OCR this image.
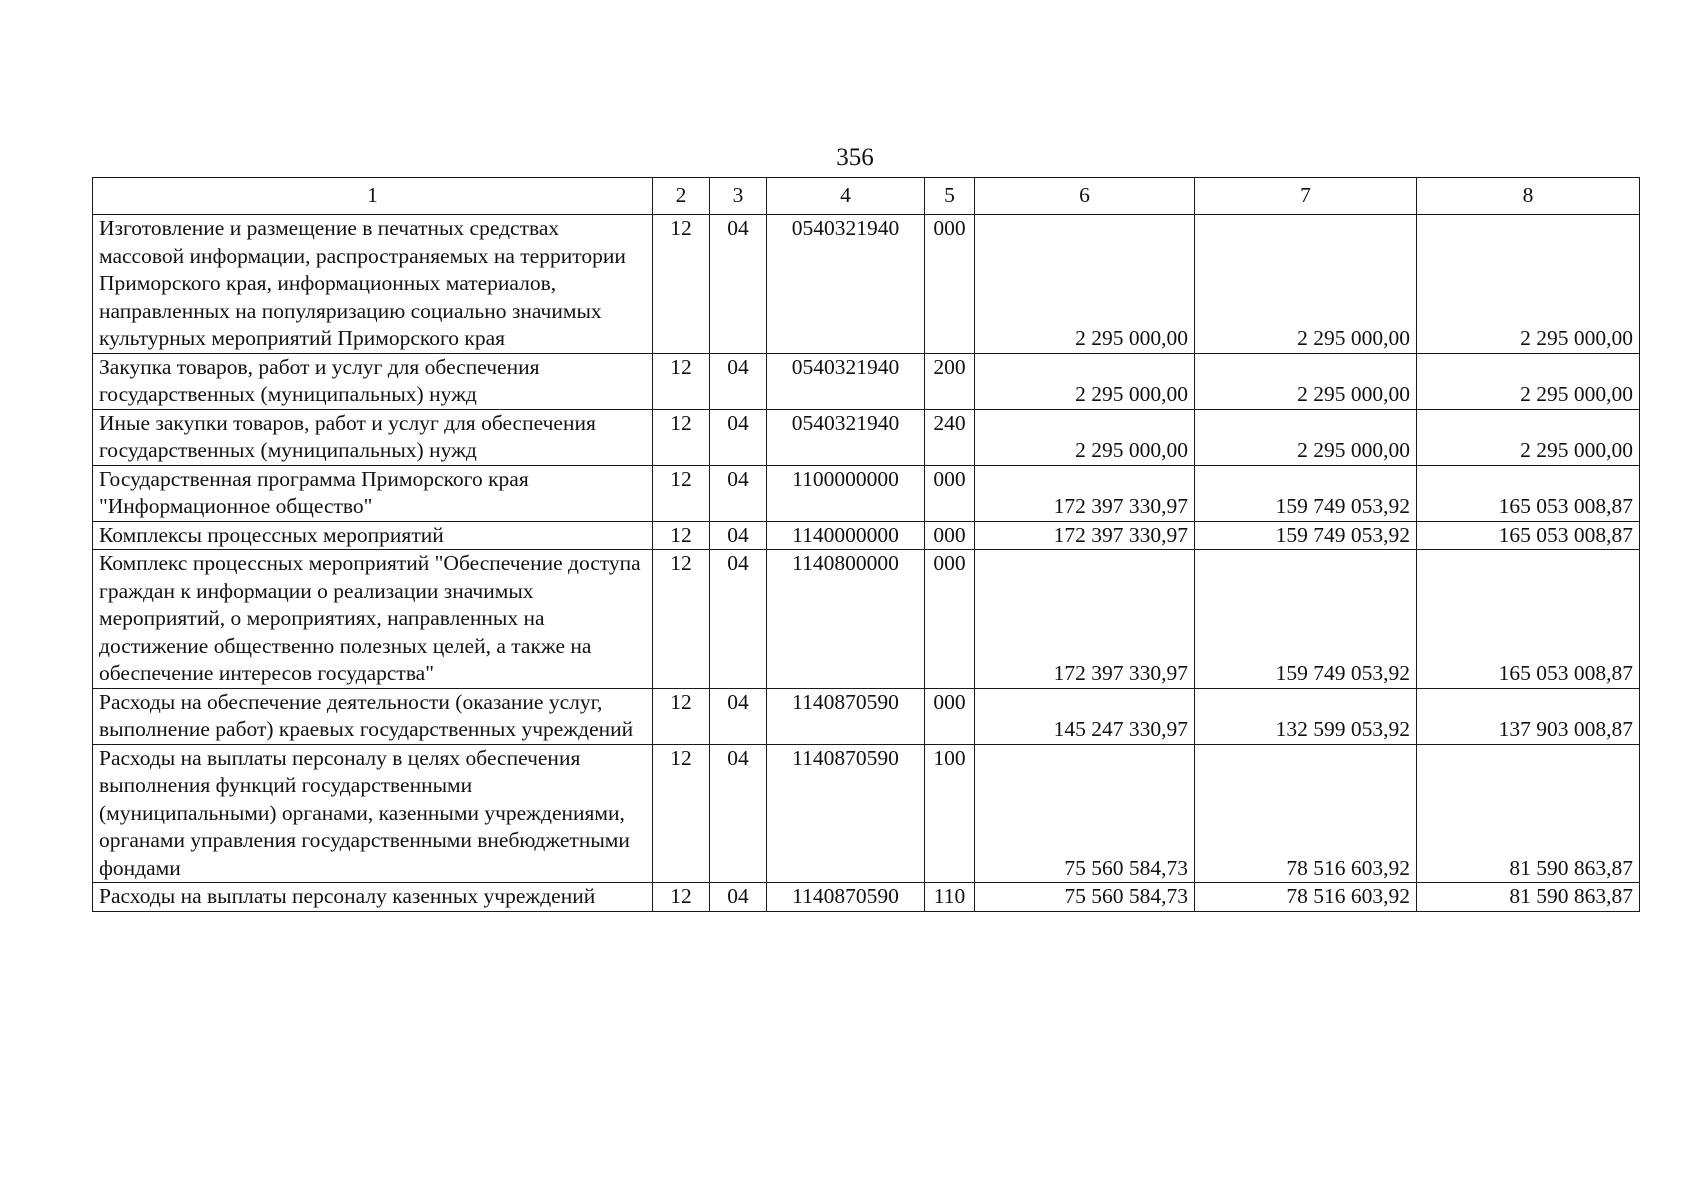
356
1	2	3	4	5	6	7	8
Изготовление и размещение в печатных средствах массовой информации, распространяемых на территории Приморского края, информационных материалов, направленных на популяризацию социально значимых культурных мероприятий Приморского края	12	04	0540321940	000	2 295 000,00	2 295 000,00	2 295 000,00
Закупка товаров, работ и услуг для обеспечения государственных (муниципальных) нужд	12	04	0540321940	200	2 295 000,00	2 295 000,00	2 295 000,00
Иные закупки товаров, работ и услуг для обеспечения государственных (муниципальных) нужд	12	04	0540321940	240	2 295 000,00	2 295 000,00	2 295 000,00
Государственная программа Приморского края "Информационное общество"	12	04	1100000000	000	172 397 330,97	159 749 053,92	165 053 008,87
Комплексы процессных мероприятий	12	04	1140000000	000	172 397 330,97	159 749 053,92	165 053 008,87
Комплекс процессных мероприятий "Обеспечение доступа граждан к информации о реализации значимых мероприятий, о мероприятиях, направленных на достижение общественно полезных целей, а также на обеспечение интересов государства"	12	04	1140800000	000	172 397 330,97	159 749 053,92	165 053 008,87
Расходы на обеспечение деятельности (оказание услуг, выполнение работ) краевых государственных учреждений	12	04	1140870590	000	145 247 330,97	132 599 053,92	137 903 008,87
Расходы на выплаты персоналу в целях обеспечения выполнения функций государственными (муниципальными) органами, казенными учреждениями, органами управления государственными внебюджетными фондами	12	04	1140870590	100	75 560 584,73	78 516 603,92	81 590 863,87
Расходы на выплаты персоналу казенных учреждений	12	04	1140870590	110	75 560 584,73	78 516 603,92	81 590 863,87
